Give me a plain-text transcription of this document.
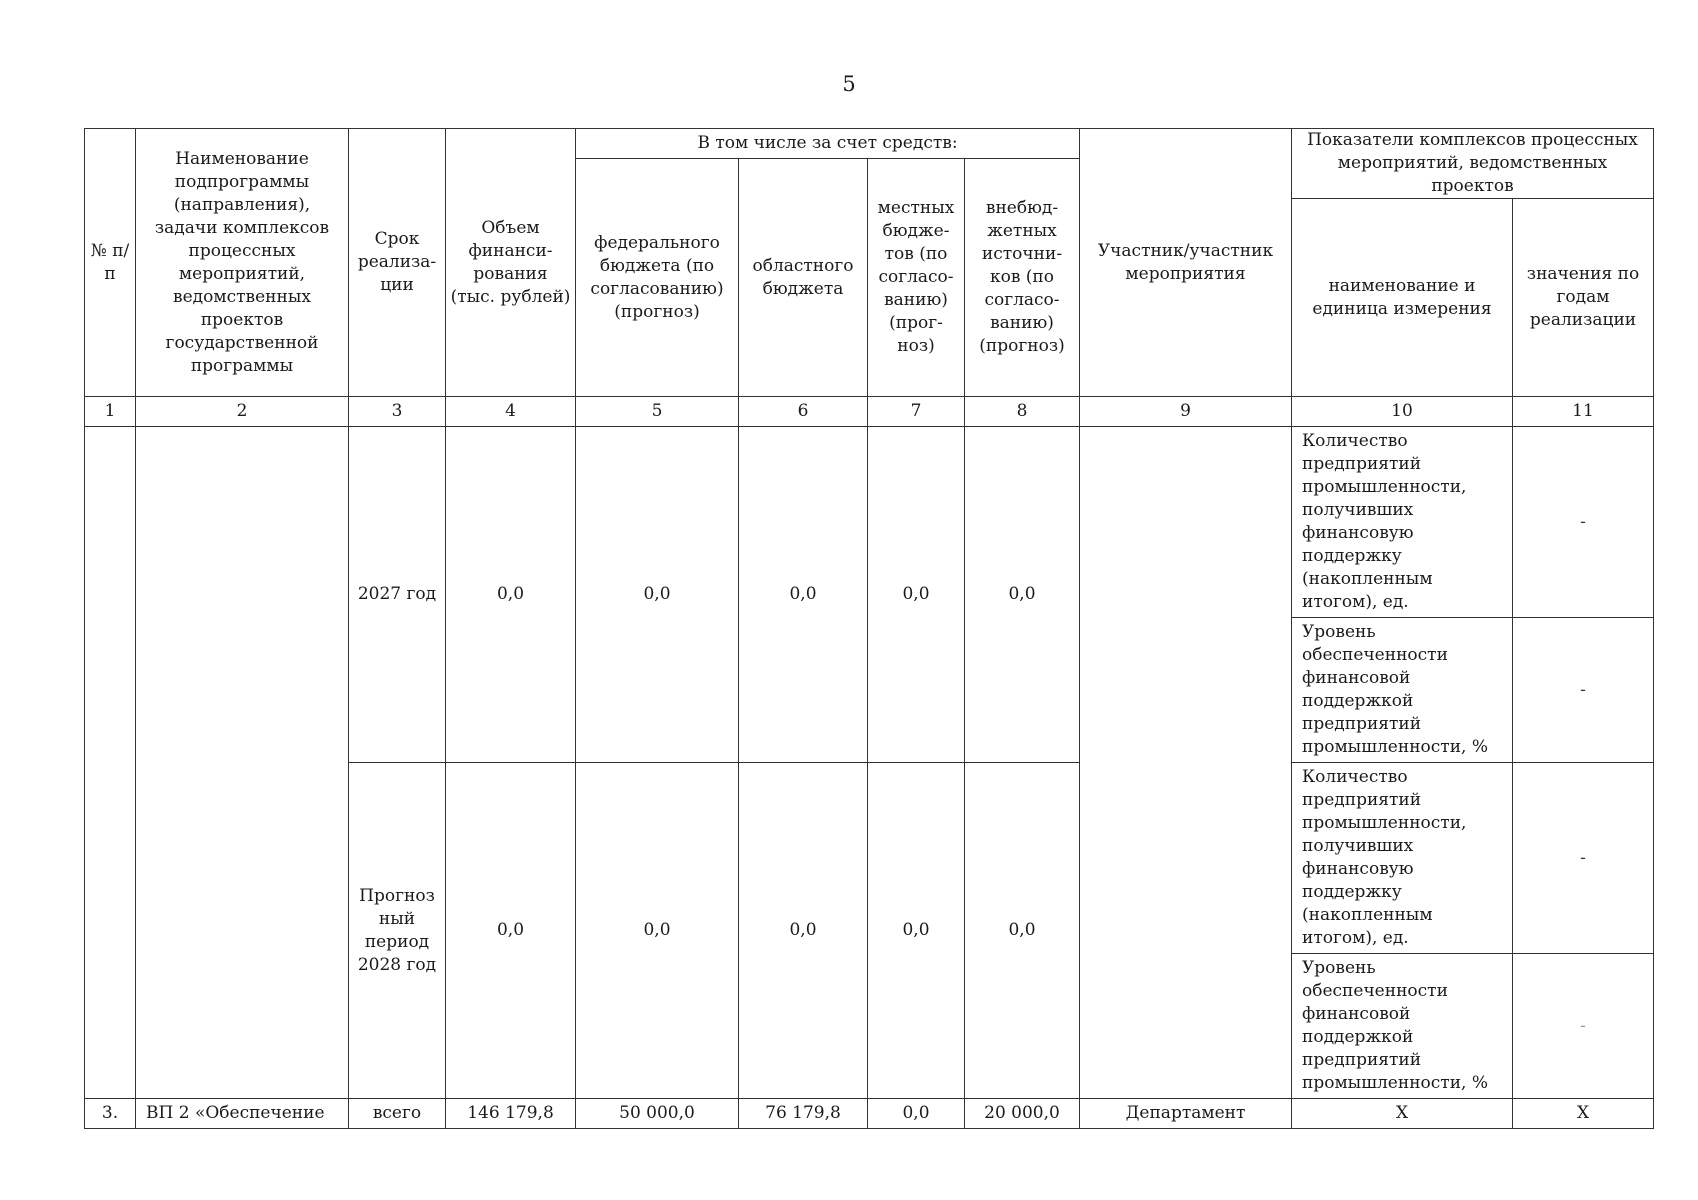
5
№ п/п	Наименование подпрограммы (направления), задачи комплексов процессных мероприятий, ведомственных проектов государственной программы	Срок реализа-ции	Объем финанси-рования (тыс. рублей)	В том числе за счет средств:				Участник/участник мероприятия	Показатели комплексов процессных мероприятий, ведомственных проектов	
				федерального бюджета (по согласованию) (прогноз)	областного бюджета	местных бюдже-тов (по согласо-ванию) (прог-ноз)	внебюд-жетных источни-ков (по согласо-ванию) (прогноз)			
									наименование и единица измерения	значения по годам реализации
1	2	3	4	5	6	7	8	9	10	11
		2027 год	0,0	0,0	0,0	0,0	0,0		Количество предприятий промышленности, получивших финансовую поддержку (накопленным итогом), ед.	-
									Уровень обеспеченности финансовой поддержкой предприятий промышленности, %	-
		Прогноз ный период 2028 год	0,0	0,0	0,0	0,0	0,0		Количество предприятий промышленности, получивших финансовую поддержку (накопленным итогом), ед.	-
									Уровень обеспеченности финансовой поддержкой предприятий промышленности, %	-
3.	ВП 2 «Обеспечение	всего	146 179,8	50 000,0	76 179,8	0,0	20 000,0	Департамент	Х	Х
